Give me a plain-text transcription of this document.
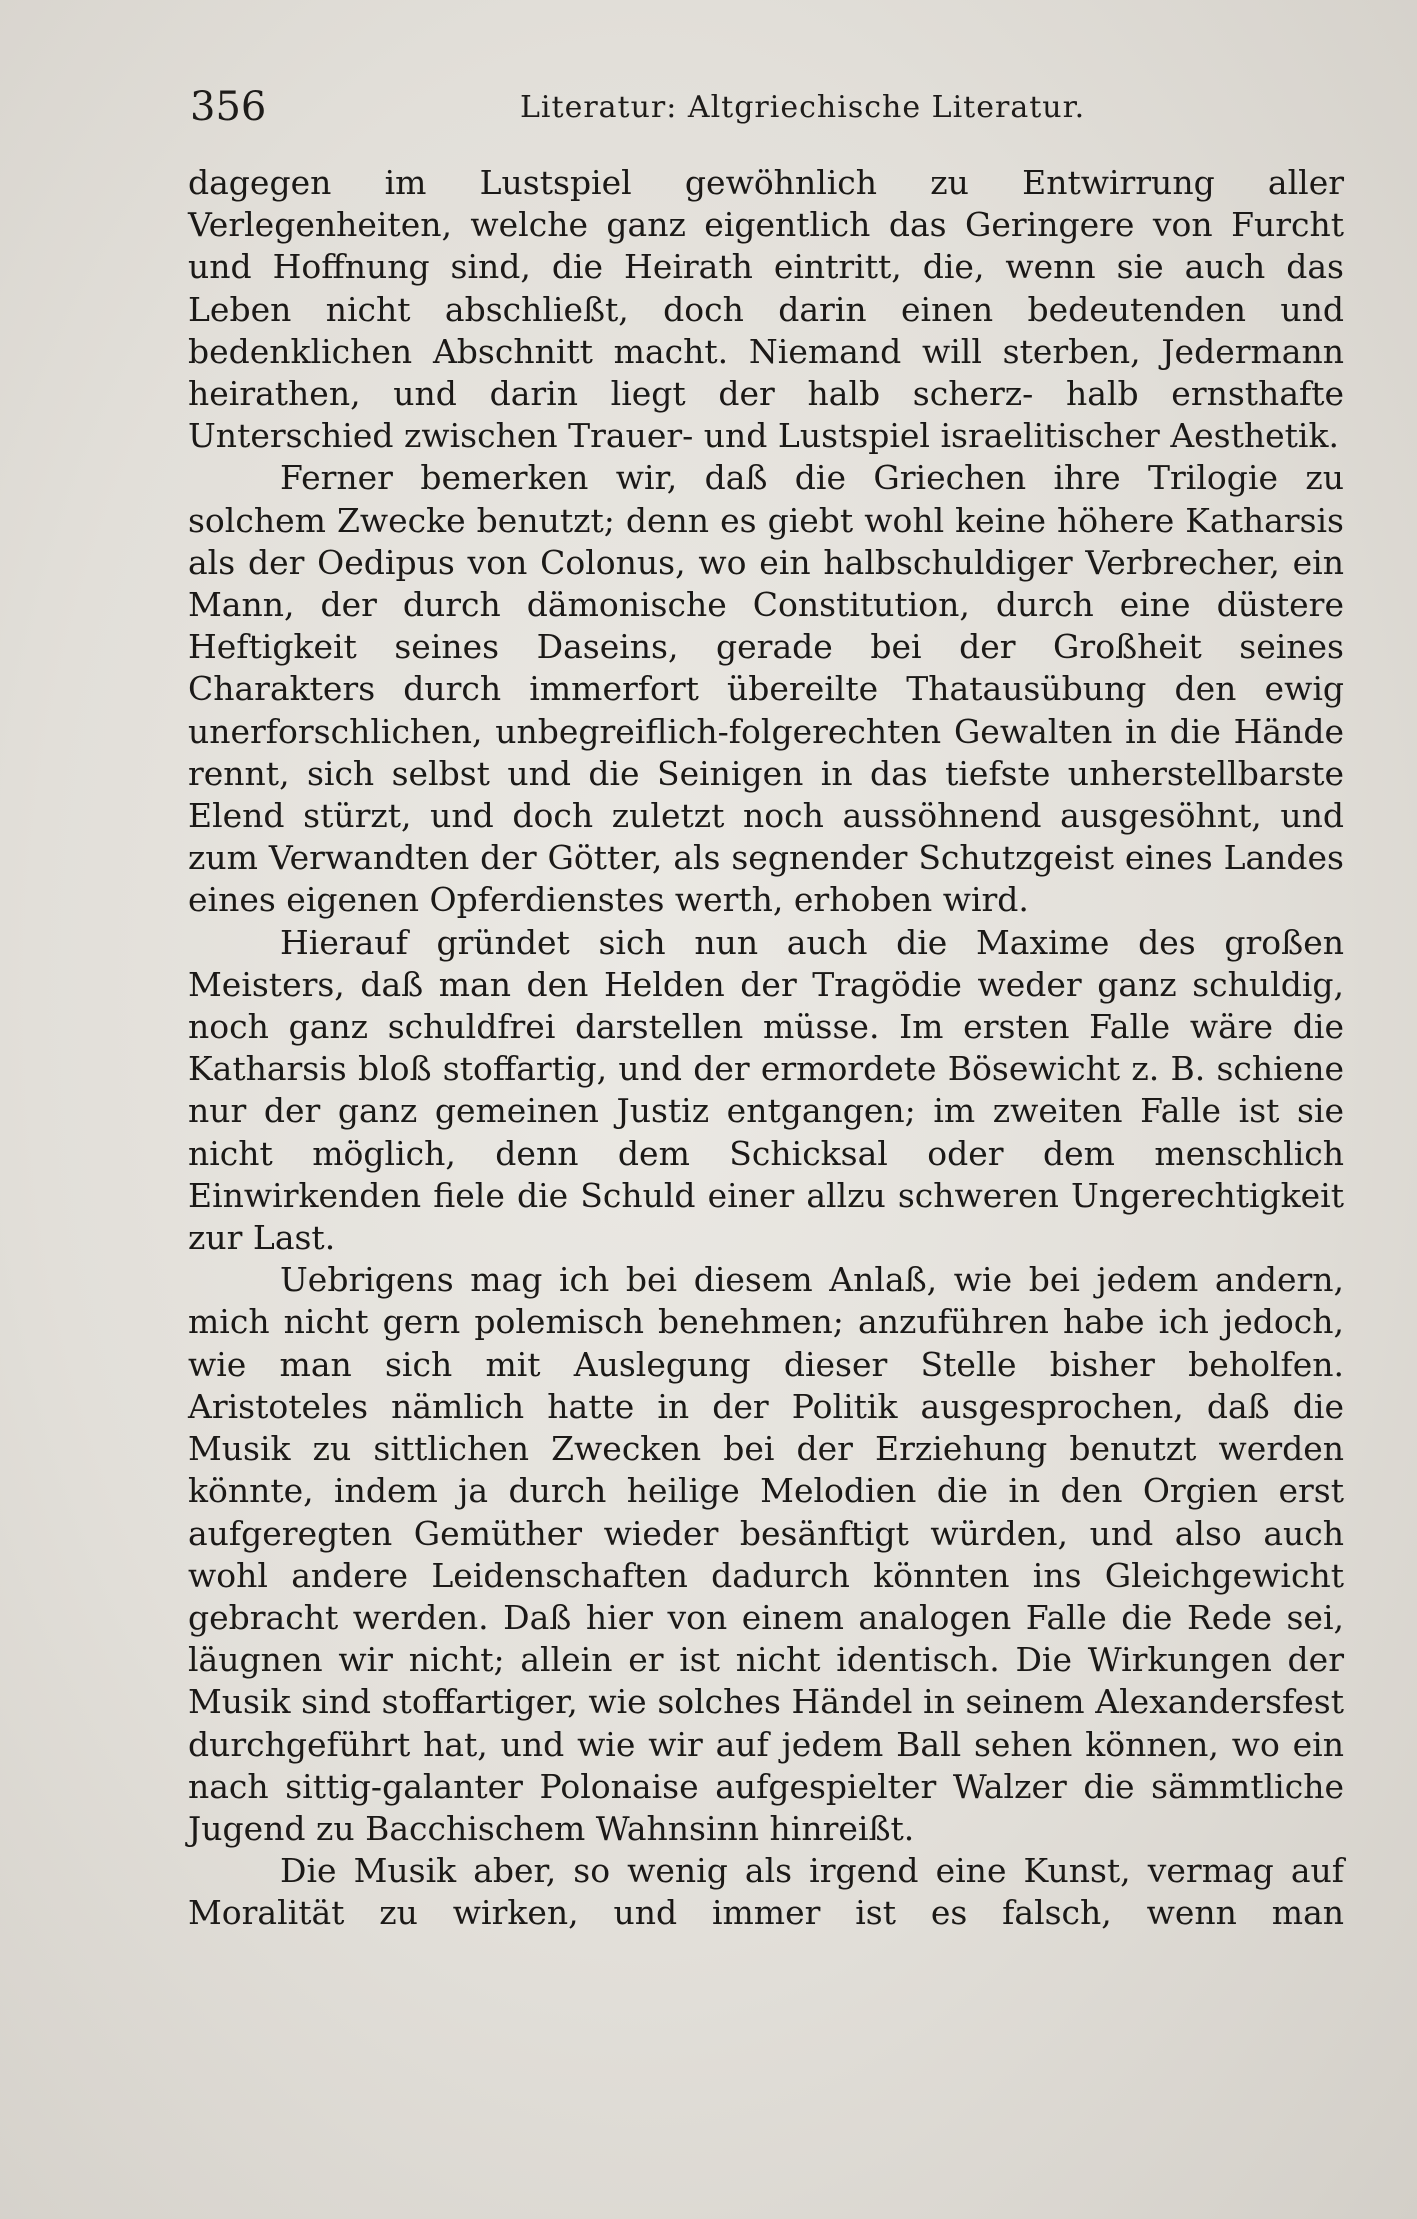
356	Literatur: Altgriechische Literatur.

dagegen im Lustspiel gewöhnlich zu Entwirrung aller Verlegenheiten, welche ganz eigentlich das Geringere von Furcht und Hoffnung sind, die Heirath eintritt, die, wenn sie auch das Leben nicht abschließt, doch darin einen bedeutenden und bedenklichen Abschnitt macht. Niemand will sterben, Jedermann heirathen, und darin liegt der halb scherz- halb ernsthafte Unterschied zwischen Trauer- und Lustspiel israelitischer Aesthetik.

Ferner bemerken wir, daß die Griechen ihre Trilogie zu solchem Zwecke benutzt; denn es giebt wohl keine höhere Katharsis als der Oedipus von Colonus, wo ein halbschuldiger Verbrecher, ein Mann, der durch dämonische Constitution, durch eine düstere Heftigkeit seines Daseins, gerade bei der Großheit seines Charakters durch immerfort übereilte Thatausübung den ewig unerforschlichen, unbegreiflich-folgerechten Gewalten in die Hände rennt, sich selbst und die Seinigen in das tiefste unherstellbarste Elend stürzt, und doch zuletzt noch aussöhnend ausgesöhnt, und zum Verwandten der Götter, als segnender Schutzgeist eines Landes eines eigenen Opferdienstes werth, erhoben wird.

Hierauf gründet sich nun auch die Maxime des großen Meisters, daß man den Helden der Tragödie weder ganz schuldig, noch ganz schuldfrei darstellen müsse. Im ersten Falle wäre die Katharsis bloß stoffartig, und der ermordete Bösewicht z. B. schiene nur der ganz gemeinen Justiz entgangen; im zweiten Falle ist sie nicht möglich, denn dem Schicksal oder dem menschlich Einwirkenden fiele die Schuld einer allzu schweren Ungerechtigkeit zur Last.

Uebrigens mag ich bei diesem Anlaß, wie bei jedem andern, mich nicht gern polemisch benehmen; anzuführen habe ich jedoch, wie man sich mit Auslegung dieser Stelle bisher beholfen. Aristoteles nämlich hatte in der Politik ausgesprochen, daß die Musik zu sittlichen Zwecken bei der Erziehung benutzt werden könnte, indem ja durch heilige Melodien die in den Orgien erst aufgeregten Gemüther wieder besänftigt würden, und also auch wohl andere Leidenschaften dadurch könnten ins Gleichgewicht gebracht werden. Daß hier von einem analogen Falle die Rede sei, läugnen wir nicht; allein er ist nicht identisch. Die Wirkungen der Musik sind stoffartiger, wie solches Händel in seinem Alexandersfest durchgeführt hat, und wie wir auf jedem Ball sehen können, wo ein nach sittig-galanter Polonaise aufgespielter Walzer die sämmtliche Jugend zu Bacchischem Wahnsinn hinreißt.

Die Musik aber, so wenig als irgend eine Kunst, vermag auf Moralität zu wirken, und immer ist es falsch, wenn man
